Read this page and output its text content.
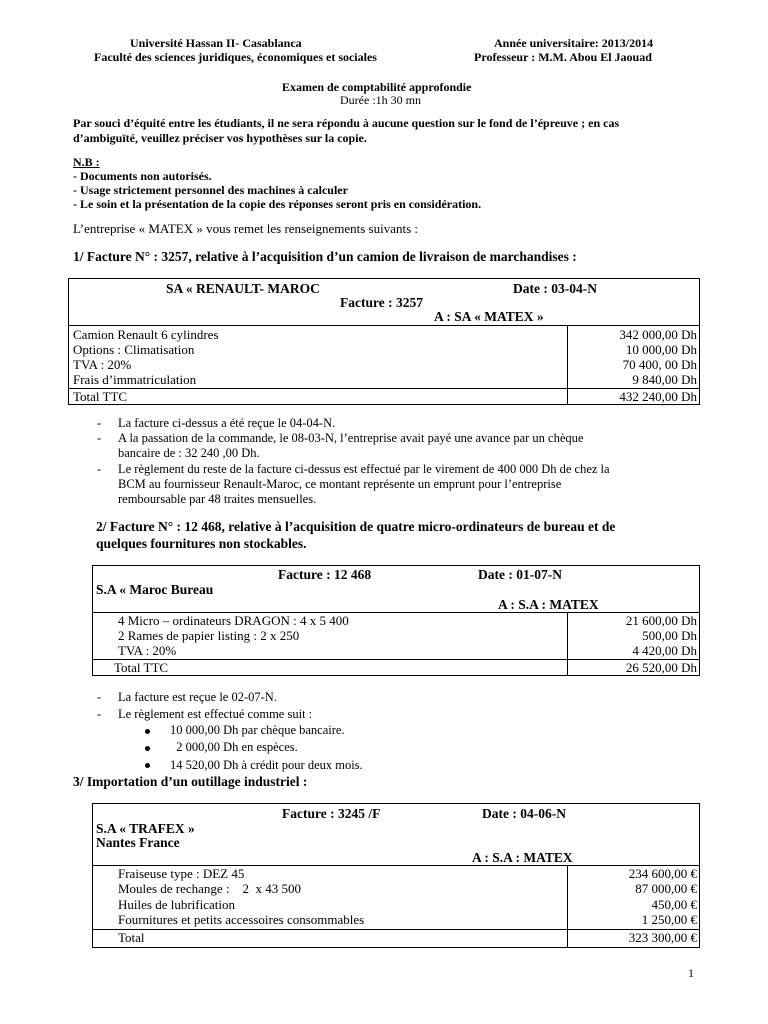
Université Hassan II- Casablanca
Faculté des sciences juridiques, économiques et sociales
Année universitaire: 2013/2014
Professeur : M.M. Abou El Jaouad
Examen de comptabilité approfondie
Durée :1h 30 mn
Par souci d’équité entre les étudiants, il ne sera répondu à aucune question sur le fond de l’épreuve ; en cas
d’ambiguïté, veuillez préciser vos hypothèses sur la copie.
N.B :
- Documents non autorisés.
- Usage strictement personnel des machines à calculer
- Le soin et la présentation de la copie des réponses seront pris en considération.
L’entreprise « MATEX » vous remet les renseignements suivants :
1/ Facture N° : 3257, relative à l’acquisition d’un camion de livraison de marchandises :
SA « RENAULT- MAROC	Date : 03-04-N
Facture : 3257
A : SA « MATEX »
Camion Renault 6 cylindres	342 000,00 Dh
Options : Climatisation	10 000,00 Dh
TVA : 20%	70 400, 00 Dh
Frais d’immatriculation	9 840,00 Dh
Total TTC	432 240,00 Dh
- La facture ci-dessus a été reçue le 04-04-N.
- A la passation de la commande, le 08-03-N, l’entreprise avait payé une avance par un chèque
bancaire de : 32 240 ,00 Dh.
- Le règlement du reste de la facture ci-dessus est effectué par le virement de 400 000 Dh de chez la
BCM au fournisseur Renault-Maroc, ce montant représente un emprunt pour l’entreprise
remboursable par 48 traites mensuelles.
2/ Facture N° : 12 468, relative à l’acquisition de quatre micro-ordinateurs de bureau et de
quelques fournitures non stockables.
Facture : 12 468	Date : 01-07-N
S.A « Maroc Bureau
A : S.A : MATEX
4 Micro – ordinateurs DRAGON : 4 x 5 400	21 600,00 Dh
2 Rames de papier listing : 2 x 250	500,00 Dh
TVA : 20%	4 420,00 Dh
Total TTC	26 520,00 Dh
- La facture est reçue le 02-07-N.
- Le règlement est effectué comme suit :
10 000,00 Dh par chèque bancaire.
2 000,00 Dh en espèces.
14 520,00 Dh à crédit pour deux mois.
3/ Importation d’un outillage industriel :
Facture : 3245 /F	Date : 04-06-N
S.A « TRAFEX »
Nantes France
A : S.A : MATEX
Fraiseuse type : DEZ 45	234 600,00 €
Moules de rechange :    2  x 43 500	87 000,00 €
Huiles de lubrification	450,00 €
Fournitures et petits accessoires consommables	1 250,00 €
Total	323 300,00 €
1
